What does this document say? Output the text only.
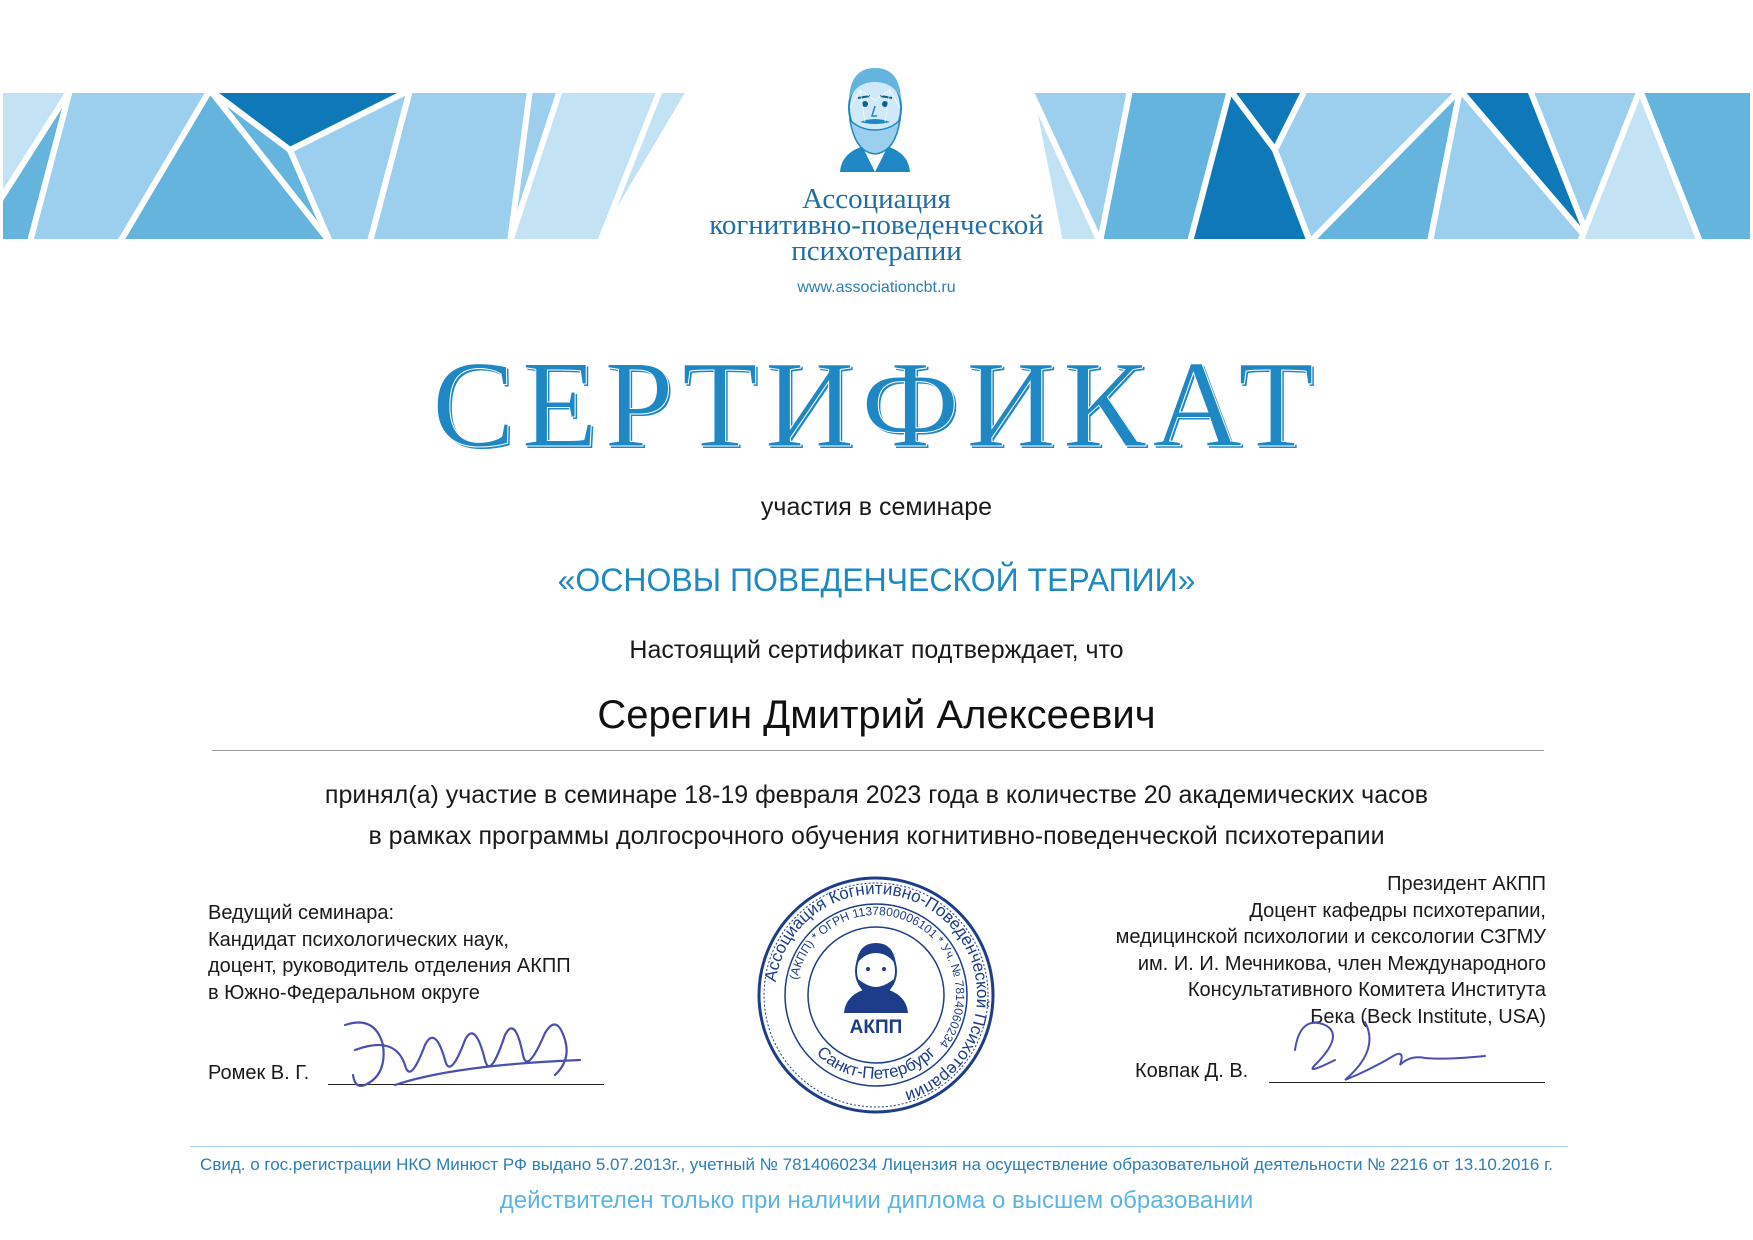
Ассоциация
когнитивно-поведенческой
психотерапии
www.associationcbt.ru
СЕРТИФИКАТ
участия в семинаре
«ОСНОВЫ ПОВЕДЕНЧЕСКОЙ ТЕРАПИИ»
Настоящий сертификат подтверждает, что
Серегин Дмитрий Алексеевич
принял(а) участие в семинаре 18-19 февраля 2023 года в количестве 20 академических часов
в рамках программы долгосрочного обучения когнитивно-поведенческой психотерапии
Ведущий семинара:
Кандидат психологических наук,
доцент, руководитель отделения АКПП
в Южно-Федеральном округе
Ромек В. Г.
Президент АКПП
Доцент кафедры психотерапии,
медицинской психологии и сексологии СЗГМУ
им. И. И. Мечникова, член Международного
Консультативного Комитета Института
Бека (Beck Institute, USA)
Ковпак Д. В.
Ассоциация Когнитивно-Поведенческой Психотерапии
(АКПП) * ОГРН 1137800006101 * Уч. № 7814060234
Санкт-Петербург
АКПП
Свид. о гос.регистрации НКО Минюст РФ выдано 5.07.2013г., учетный № 7814060234 Лицензия на осуществление образовательной деятельности № 2216 от 13.10.2016 г.
действителен только при наличии диплома о высшем образовании
